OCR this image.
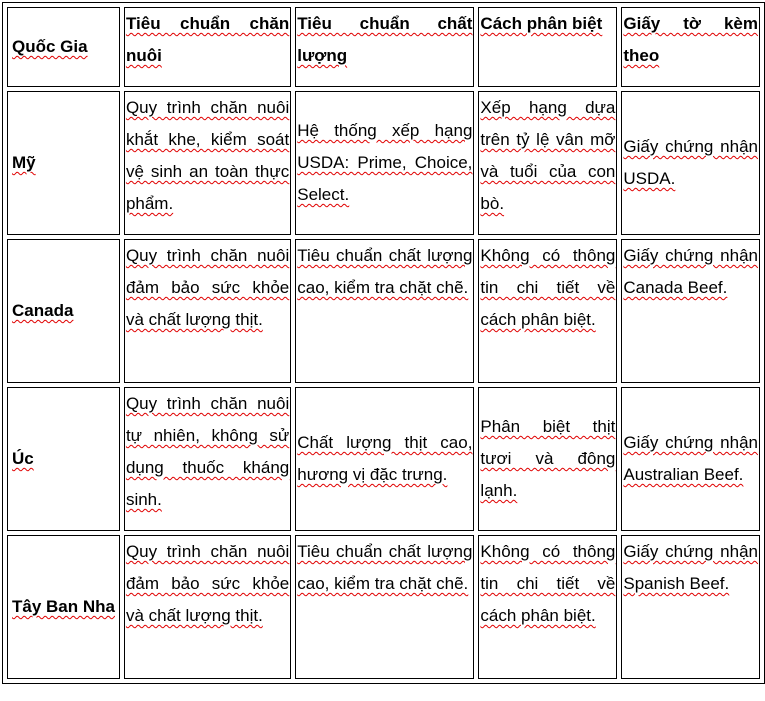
Quốc Gia	Tiêu chuẩn chăn nuôi	Tiêu chuẩn chất lượng	Cách phân biệt	Giấy tờ kèm theo
Mỹ	Quy trình chăn nuôi khắt khe, kiểm soát vệ sinh an toàn thực phẩm.	Hệ thống xếp hạng USDA: Prime, Choice, Select.	Xếp hạng dựa trên tỷ lệ vân mỡ và tuổi của con bò.	Giấy chứng nhận USDA.
Canada	Quy trình chăn nuôi đảm bảo sức khỏe và chất lượng thịt.	Tiêu chuẩn chất lượng cao, kiểm tra chặt chẽ.	Không có thông tin chi tiết về cách phân biệt.	Giấy chứng nhận Canada Beef.
Úc	Quy trình chăn nuôi tự nhiên, không sử dụng thuốc kháng sinh.	Chất lượng thịt cao, hương vị đặc trưng.	Phân biệt thịt tươi và đông lạnh.	Giấy chứng nhận Australian Beef.
Tây Ban Nha	Quy trình chăn nuôi đảm bảo sức khỏe và chất lượng thịt.	Tiêu chuẩn chất lượng cao, kiểm tra chặt chẽ.	Không có thông tin chi tiết về cách phân biệt.	Giấy chứng nhận Spanish Beef.
